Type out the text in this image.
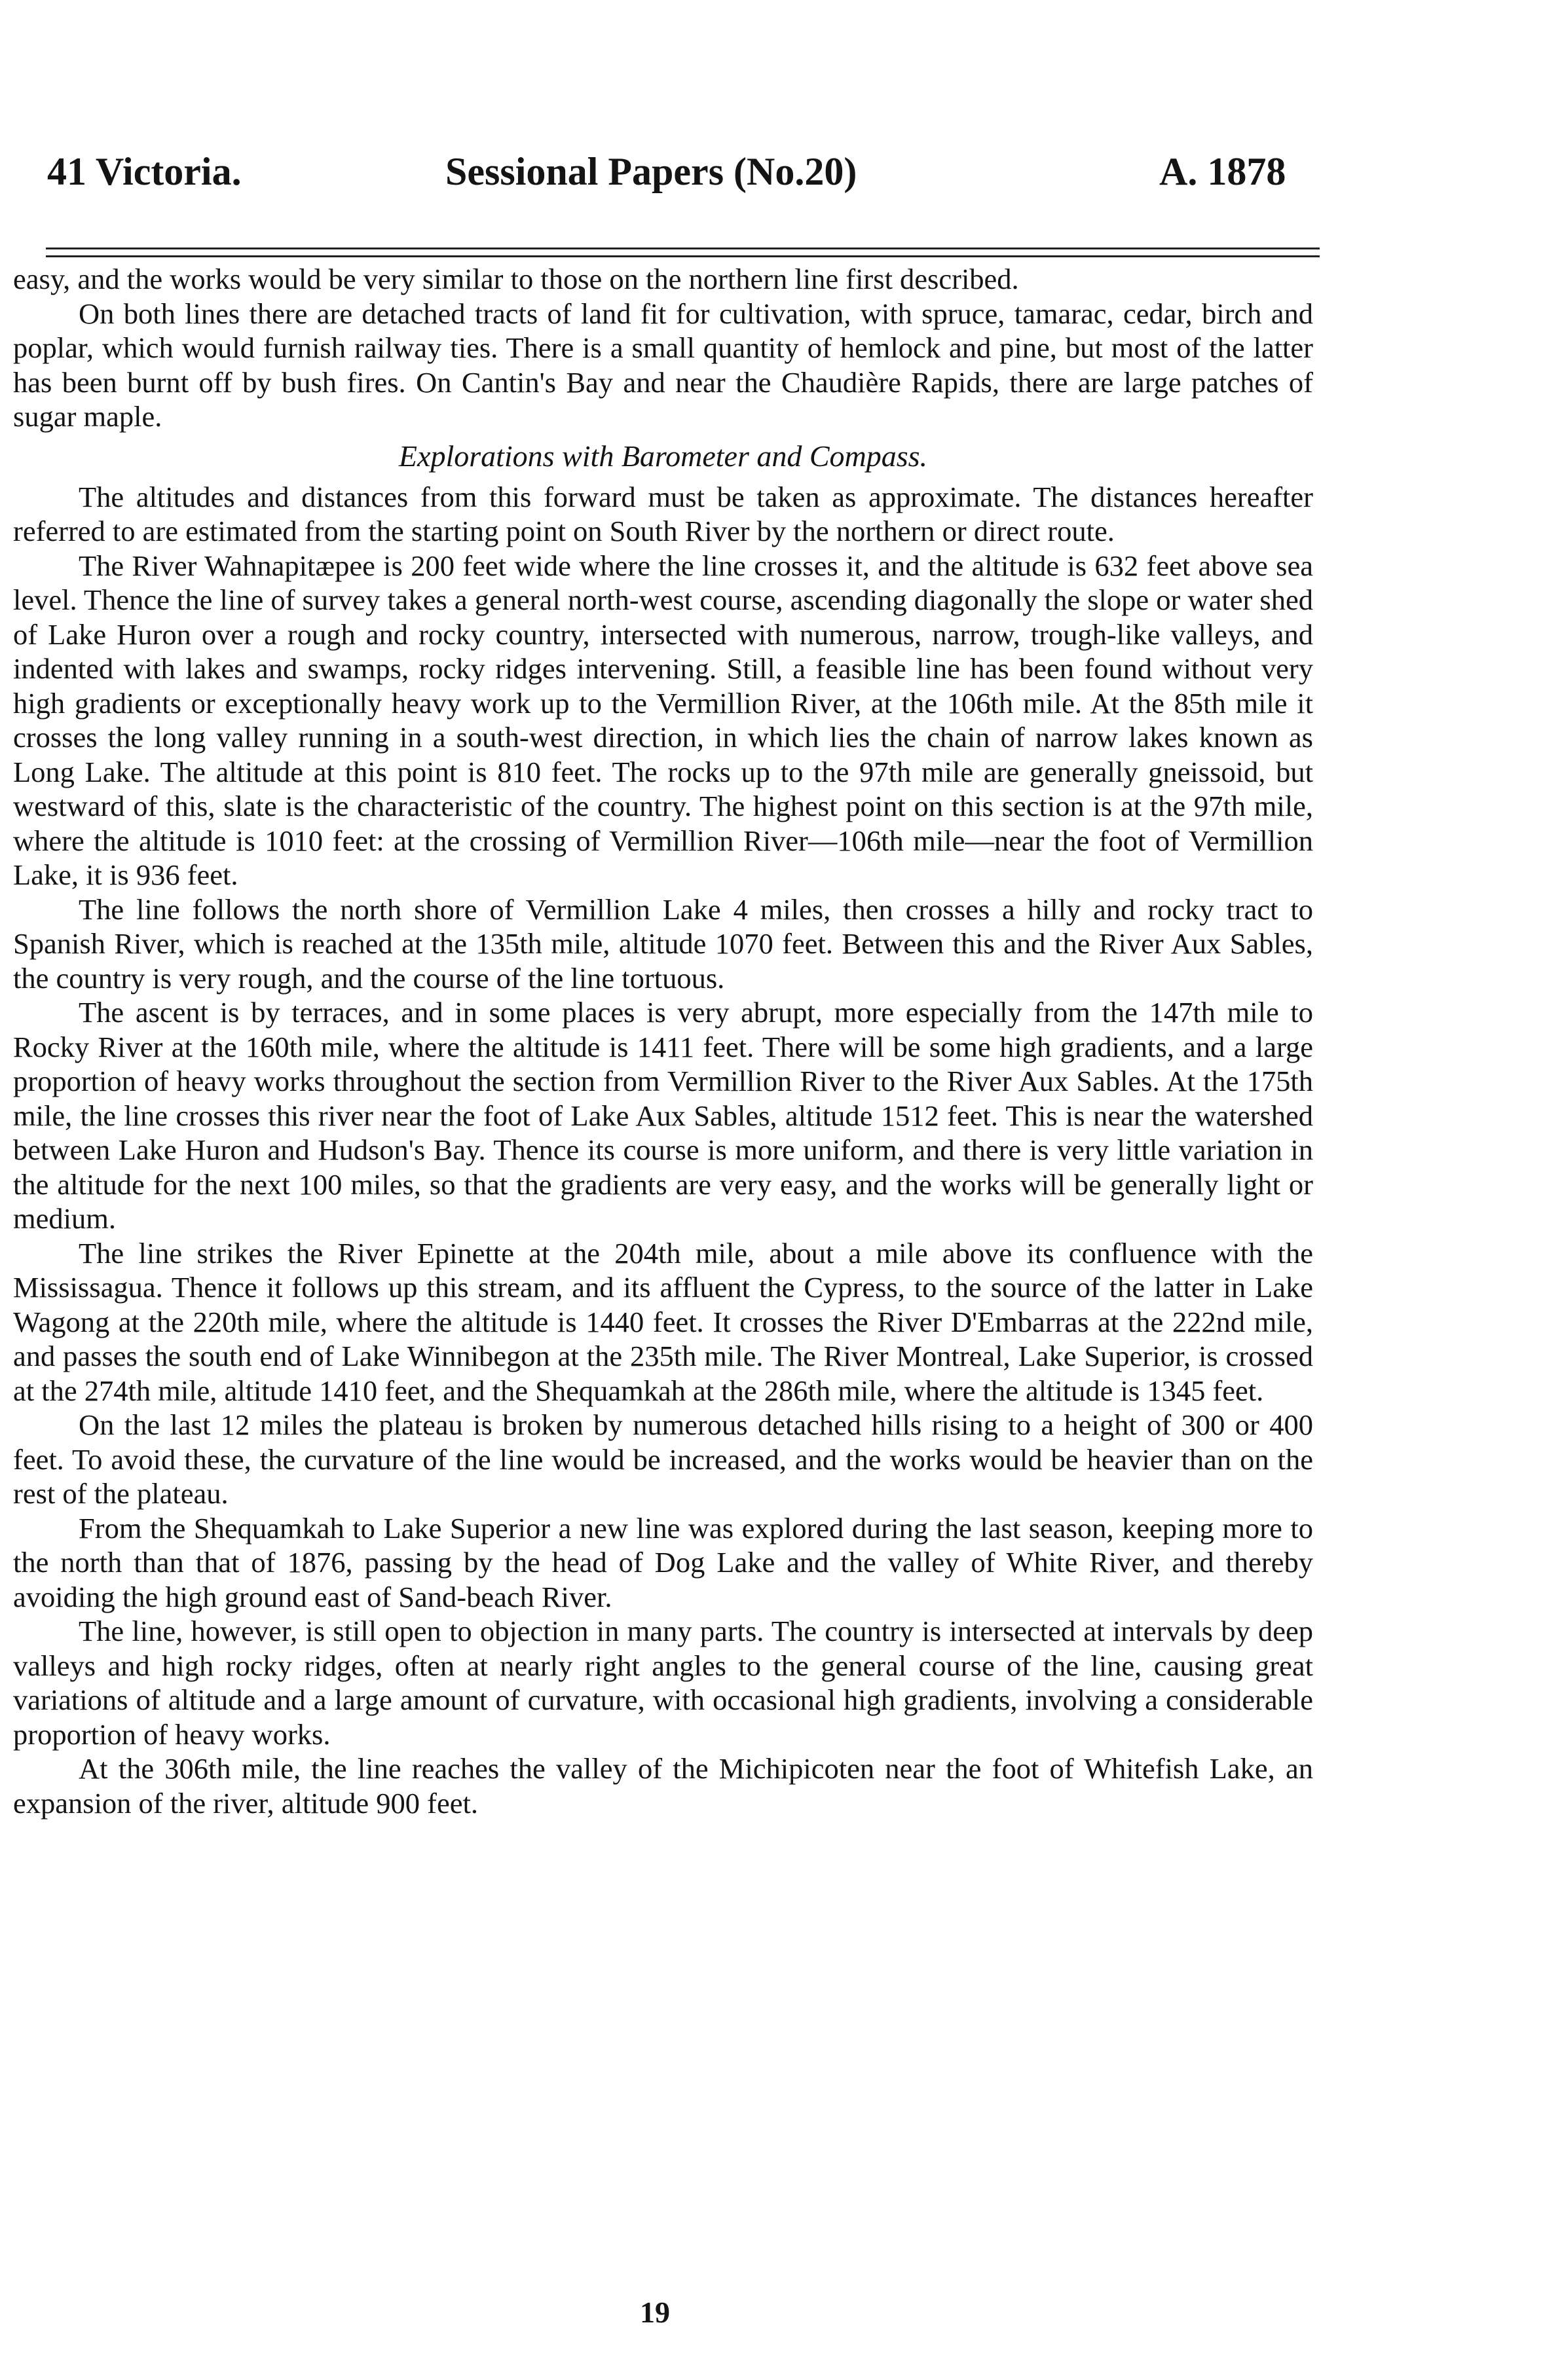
41 Victoria.	Sessional Papers (No.20)	A. 1878

easy, and the works would be very similar to those on the northern line first described.

On both lines there are detached tracts of land fit for cultivation, with spruce, tamarac, cedar, birch and poplar, which would furnish railway ties. There is a small quantity of hemlock and pine, but most of the latter has been burnt off by bush fires. On Cantin's Bay and near the Chaudière Rapids, there are large patches of sugar maple.

Explorations with Barometer and Compass.

The altitudes and distances from this forward must be taken as approximate. The distances hereafter referred to are estimated from the starting point on South River by the northern or direct route.

The River Wahnapitæpee is 200 feet wide where the line crosses it, and the altitude is 632 feet above sea level. Thence the line of survey takes a general north-west course, ascending diagonally the slope or water shed of Lake Huron over a rough and rocky country, intersected with numerous, narrow, trough-like valleys, and indented with lakes and swamps, rocky ridges intervening. Still, a feasible line has been found without very high gradients or exceptionally heavy work up to the Vermillion River, at the 106th mile. At the 85th mile it crosses the long valley running in a south-west direction, in which lies the chain of narrow lakes known as Long Lake. The altitude at this point is 810 feet. The rocks up to the 97th mile are generally gneissoid, but westward of this, slate is the characteristic of the country. The highest point on this section is at the 97th mile, where the altitude is 1010 feet: at the crossing of Vermillion River—106th mile—near the foot of Vermillion Lake, it is 936 feet.

The line follows the north shore of Vermillion Lake 4 miles, then crosses a hilly and rocky tract to Spanish River, which is reached at the 135th mile, altitude 1070 feet. Between this and the River Aux Sables, the country is very rough, and the course of the line tortuous.

The ascent is by terraces, and in some places is very abrupt, more especially from the 147th mile to Rocky River at the 160th mile, where the altitude is 1411 feet. There will be some high gradients, and a large proportion of heavy works throughout the section from Vermillion River to the River Aux Sables. At the 175th mile, the line crosses this river near the foot of Lake Aux Sables, altitude 1512 feet. This is near the watershed between Lake Huron and Hudson's Bay. Thence its course is more uniform, and there is very little variation in the altitude for the next 100 miles, so that the gradients are very easy, and the works will be generally light or medium.

The line strikes the River Epinette at the 204th mile, about a mile above its confluence with the Mississagua. Thence it follows up this stream, and its affluent the Cypress, to the source of the latter in Lake Wagong at the 220th mile, where the altitude is 1440 feet. It crosses the River D'Embarras at the 222nd mile, and passes the south end of Lake Winnibegon at the 235th mile. The River Montreal, Lake Superior, is crossed at the 274th mile, altitude 1410 feet, and the Shequamkah at the 286th mile, where the altitude is 1345 feet.

On the last 12 miles the plateau is broken by numerous detached hills rising to a height of 300 or 400 feet. To avoid these, the curvature of the line would be increased, and the works would be heavier than on the rest of the plateau.

From the Shequamkah to Lake Superior a new line was explored during the last season, keeping more to the north than that of 1876, passing by the head of Dog Lake and the valley of White River, and thereby avoiding the high ground east of Sand-beach River.

The line, however, is still open to objection in many parts. The country is intersected at intervals by deep valleys and high rocky ridges, often at nearly right angles to the general course of the line, causing great variations of altitude and a large amount of curvature, with occasional high gradients, involving a considerable proportion of heavy works.

At the 306th mile, the line reaches the valley of the Michipicoten near the foot of Whitefish Lake, an expansion of the river, altitude 900 feet.

19
